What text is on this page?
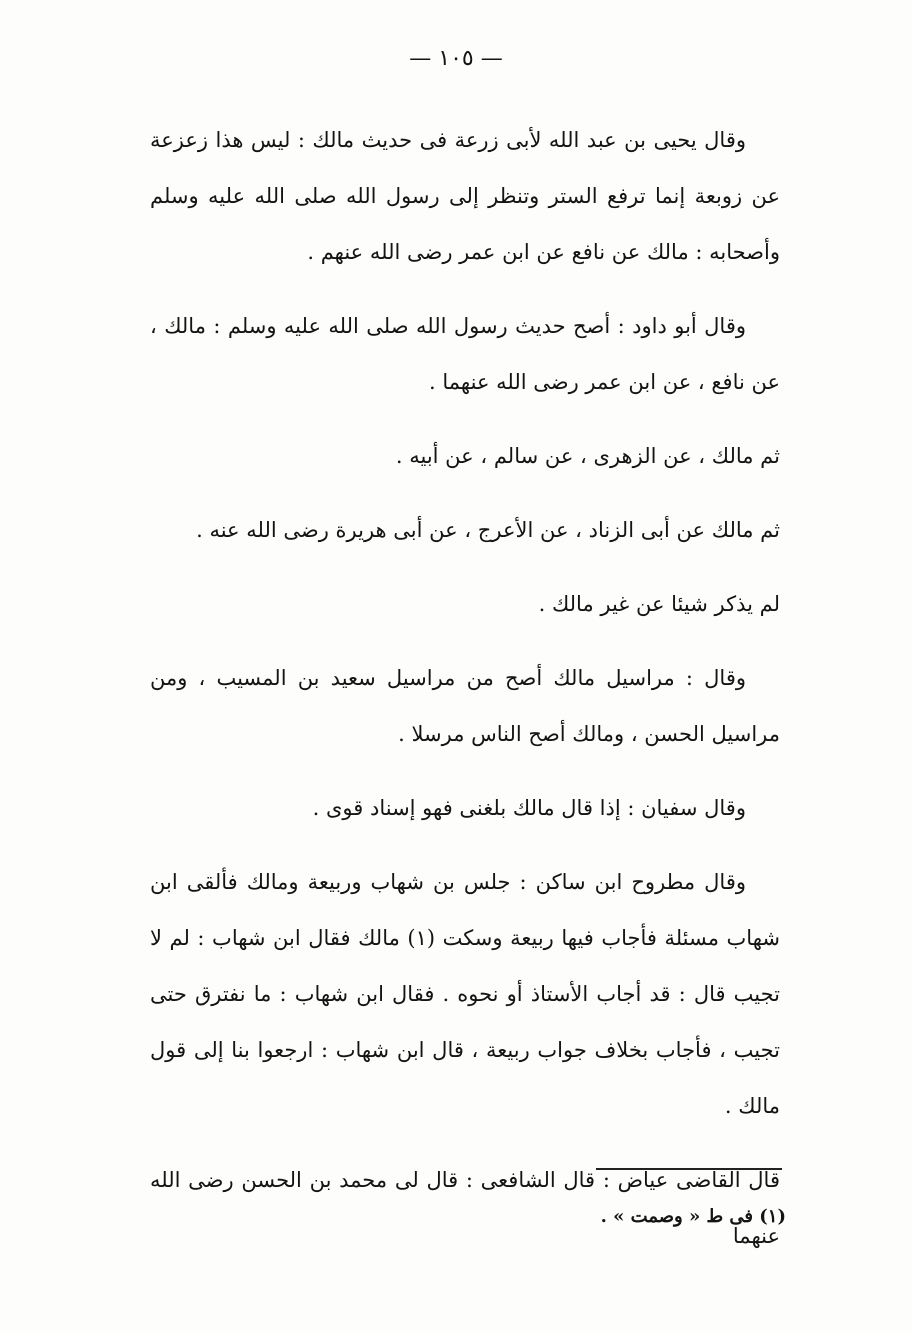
— ١٠٥ —

وقال يحيى بن عبد الله لأبى زرعة فى حديث مالك : ليس هذا زعزعة عن زوبعة إنما ترفع الستر وتنظر إلى رسول الله صلى الله عليه وسلم وأصحابه : مالك عن نافع عن ابن عمر رضى الله عنهم .

وقال أبو داود : أصح حديث رسول الله صلى الله عليه وسلم : مالك ، عن نافع ، عن ابن عمر رضى الله عنهما .

ثم مالك ، عن الزهرى ، عن سالم ، عن أبيه .

ثم مالك عن أبى الزناد ، عن الأعرج ، عن أبى هريرة رضى الله عنه .

لم يذكر شيئا عن غير مالك .

وقال : مراسيل مالك أصح من مراسيل سعيد بن المسيب ، ومن مراسيل الحسن ، ومالك أصح الناس مرسلا .

وقال سفيان : إذا قال مالك بلغنى فهو إسناد قوى .

وقال مطروح ابن ساكن : جلس بن شهاب وربيعة ومالك فألقى ابن شهاب مسئلة فأجاب فيها ربيعة وسكت (١) مالك فقال ابن شهاب : لم لا تجيب قال : قد أجاب الأستاذ أو نحوه . فقال ابن شهاب : ما نفترق حتى تجيب ، فأجاب بخلاف جواب ربيعة ، قال ابن شهاب : ارجعوا بنا إلى قول مالك .

قال القاضى عياض : قال الشافعى : قال لى محمد بن الحسن رضى الله عنهما

(١) فى ط « وصمت » .
